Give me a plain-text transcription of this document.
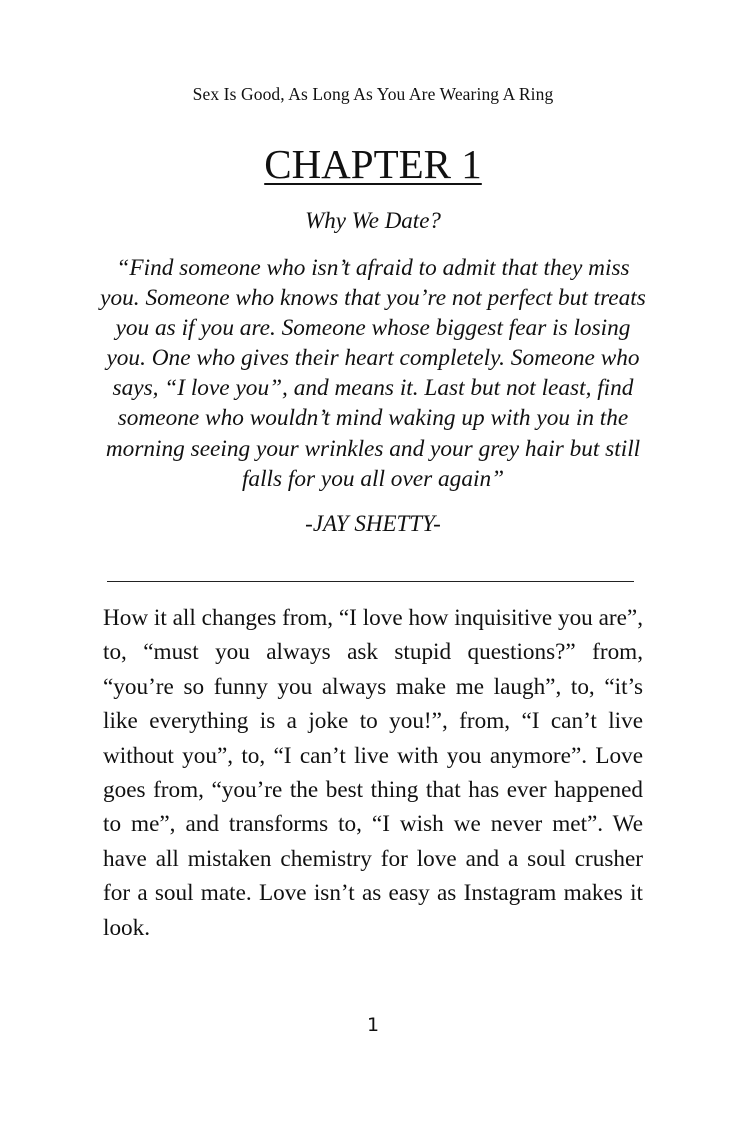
Sex Is Good, As Long As You Are Wearing A Ring
CHAPTER 1
Why We Date?

“Find someone who isn’t afraid to admit that they miss you. Someone who knows that you’re not perfect but treats you as if you are. Someone whose biggest fear is losing you. One who gives their heart completely. Someone who says, “I love you”, and means it. Last but not least, find someone who wouldn’t mind waking up with you in the morning seeing your wrinkles and your grey hair but still falls for you all over again”

-JAY SHETTY-

How it all changes from, “I love how inquisitive you are”, to, “must you always ask stupid questions?” from, “you’re so funny you always make me laugh”, to, “it’s like everything is a joke to you!”, from, “I can’t live without you”, to, “I can’t live with you anymore”. Love goes from, “you’re the best thing that has ever happened to me”, and transforms to, “I wish we never met”. We have all mistaken chemistry for love and a soul crusher for a soul mate. Love isn’t as easy as Instagram makes it look.

1
